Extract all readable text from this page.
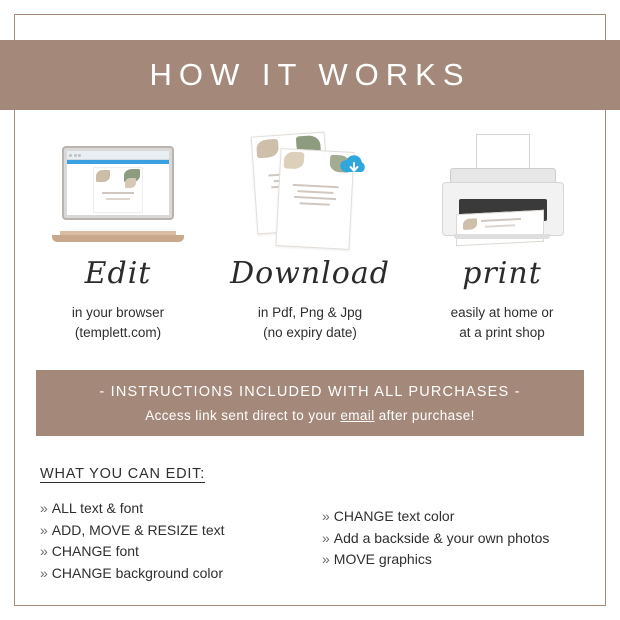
HOW IT WORKS
Edit
in your browser
(templett.com)
Download
in Pdf, Png & Jpg
(no expiry date)
print
easily at home or
at a print shop
- INSTRUCTIONS INCLUDED WITH ALL PURCHASES -
Access link sent direct to your email after purchase!
WHAT YOU CAN EDIT:
» ALL text & font
» ADD, MOVE & RESIZE text
» CHANGE font
» CHANGE background color
» CHANGE text color
» Add a backside & your own photos
» MOVE graphics
